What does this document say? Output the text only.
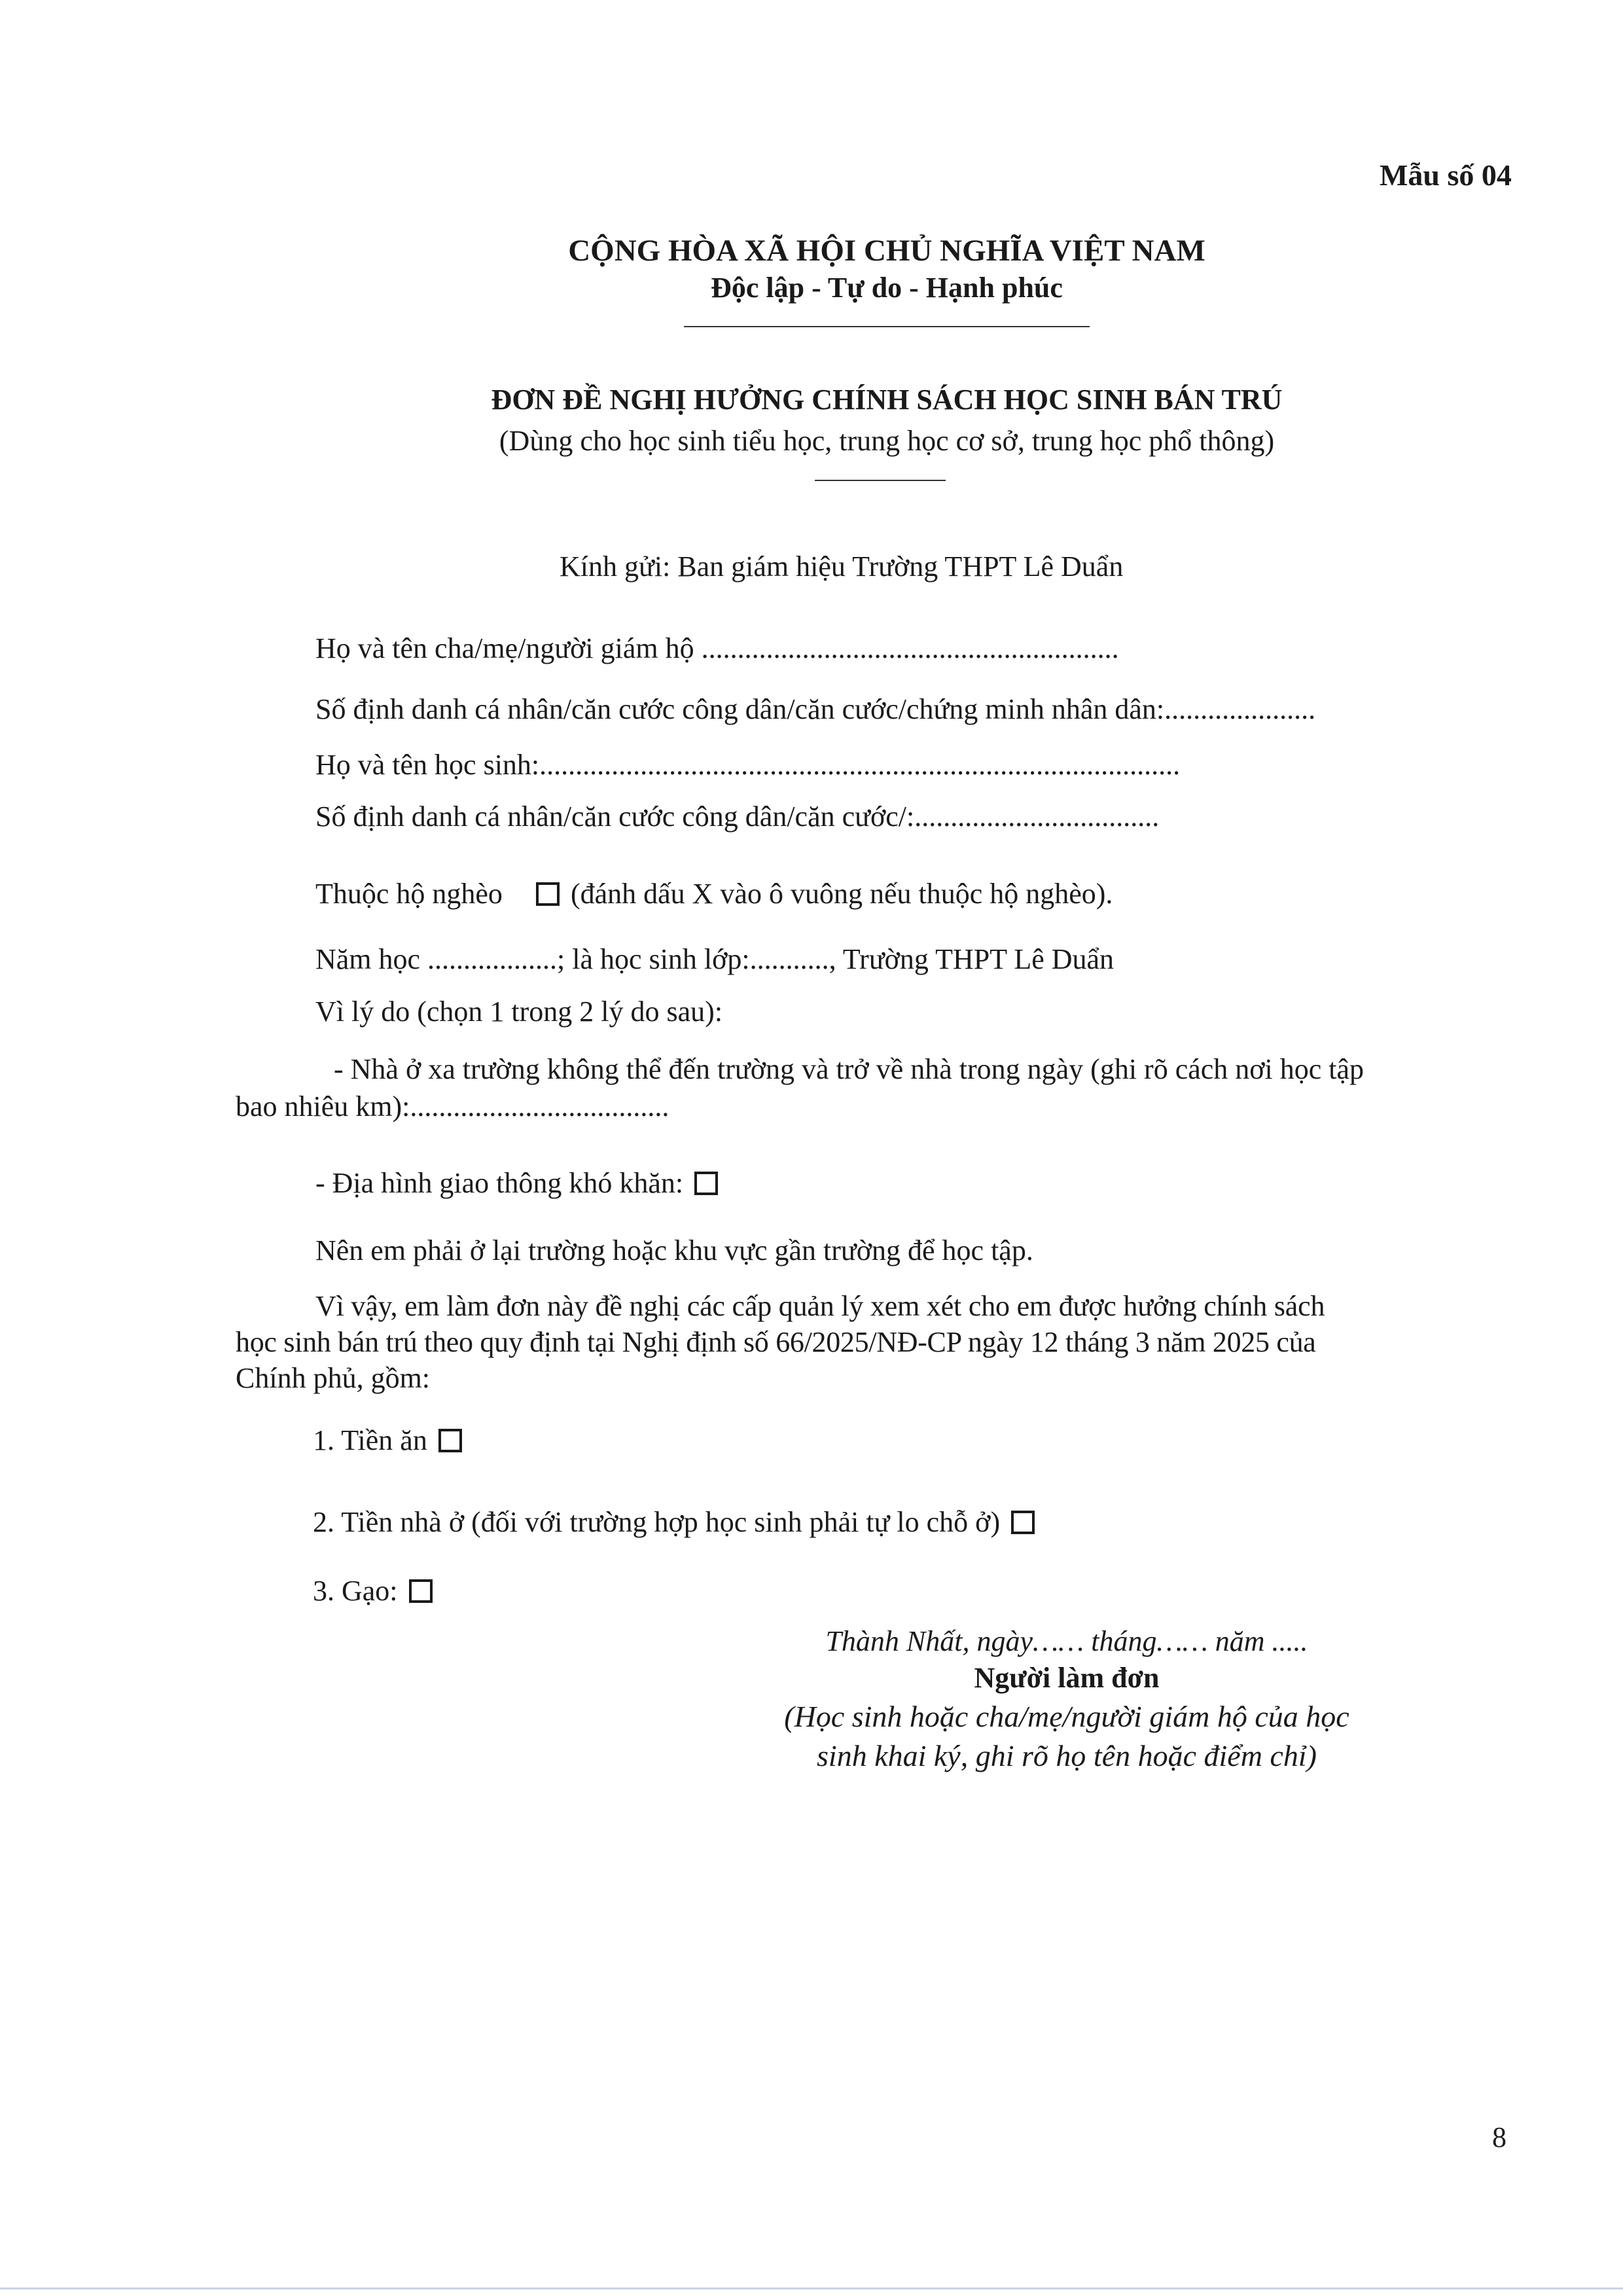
Mẫu số 04
CỘNG HÒA XÃ HỘI CHỦ NGHĨA VIỆT NAM
Độc lập - Tự do - Hạnh phúc
ĐƠN ĐỀ NGHỊ HƯỞNG CHÍNH SÁCH HỌC SINH BÁN TRÚ
(Dùng cho học sinh tiểu học, trung học cơ sở, trung học phổ thông)
Kính gửi: Ban giám hiệu Trường THPT Lê Duẩn
Họ và tên cha/mẹ/người giám hộ ..........................................................
Số định danh cá nhân/căn cước công dân/căn cước/chứng minh nhân dân:.....................
Họ và tên học sinh:.........................................................................................
Số định danh cá nhân/căn cước công dân/căn cước/:..................................
Thuộc hộ nghèo (đánh dấu X vào ô vuông nếu thuộc hộ nghèo).
Năm học ..................; là học sinh lớp:..........., Trường THPT Lê Duẩn
Vì lý do (chọn 1 trong 2 lý do sau):
- Nhà ở xa trường không thể đến trường và trở về nhà trong ngày (ghi rõ cách nơi học tập
bao nhiêu km):....................................
- Địa hình giao thông khó khăn:
Nên em phải ở lại trường hoặc khu vực gần trường để học tập.
Vì vậy, em làm đơn này đề nghị các cấp quản lý xem xét cho em được hưởng chính sách
học sinh bán trú theo quy định tại Nghị định số 66/2025/NĐ-CP ngày 12 tháng 3 năm 2025 của
Chính phủ, gồm:
1. Tiền ăn
2. Tiền nhà ở (đối với trường hợp học sinh phải tự lo chỗ ở)
3. Gạo:
Thành Nhất, ngày…… tháng…… năm .....
Người làm đơn
(Học sinh hoặc cha/mẹ/người giám hộ của học
sinh khai ký, ghi rõ họ tên hoặc điểm chỉ)
8
